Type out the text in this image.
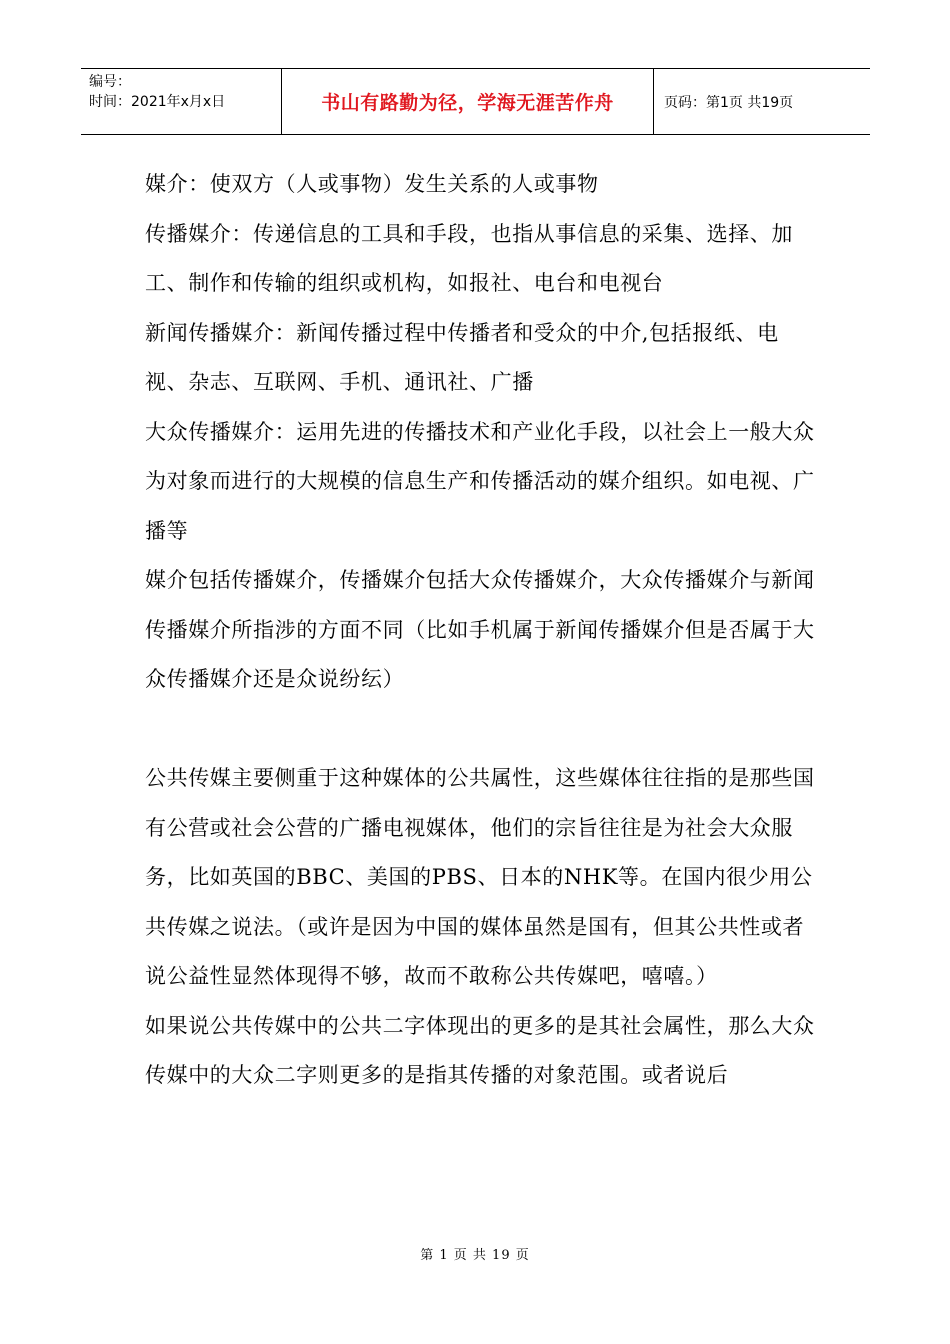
编号：
时间：2021年x月x日	书山有路勤为径，学海无涯苦作舟	页码：第1页 共19页

媒介：使双方（人或事物）发生关系的人或事物

传播媒介：传递信息的工具和手段，也指从事信息的采集、选择、加工、制作和传输的组织或机构，如报社、电台和电视台

新闻传播媒介：新闻传播过程中传播者和受众的中介,包括报纸、电视、杂志、互联网、手机、通讯社、广播

大众传播媒介：运用先进的传播技术和产业化手段，以社会上一般大众为对象而进行的大规模的信息生产和传播活动的媒介组织。如电视、广播等

媒介包括传播媒介，传播媒介包括大众传播媒介，大众传播媒介与新闻传播媒介所指涉的方面不同（比如手机属于新闻传播媒介但是否属于大众传播媒介还是众说纷纭）

公共传媒主要侧重于这种媒体的公共属性，这些媒体往往指的是那些国有公营或社会公营的广播电视媒体，他们的宗旨往往是为社会大众服务，比如英国的BBC、美国的PBS、日本的NHK等。在国内很少用公共传媒之说法。（或许是因为中国的媒体虽然是国有，但其公共性或者说公益性显然体现得不够，故而不敢称公共传媒吧，嘻嘻。）

如果说公共传媒中的公共二字体现出的更多的是其社会属性，那么大众传媒中的大众二字则更多的是指其传播的对象范围。或者说后

第 1 页 共 19 页
